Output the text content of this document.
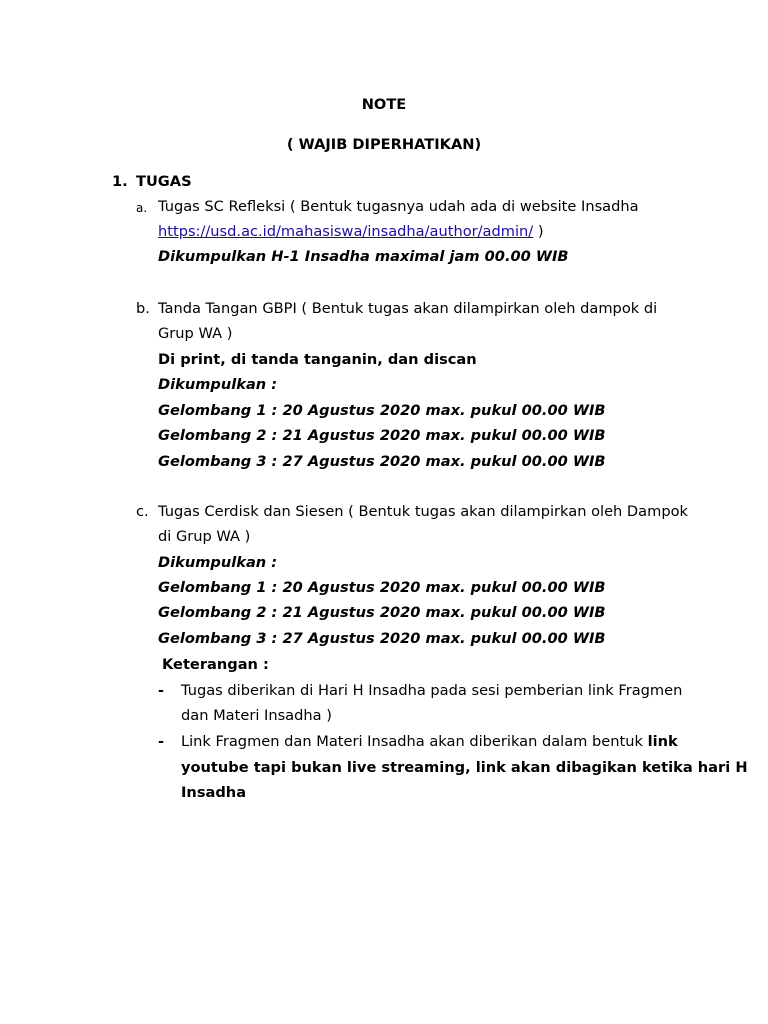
NOTE
( WAJIB DIPERHATIKAN)
1. TUGAS
a. Tugas SC Refleksi ( Bentuk tugasnya udah ada di website Insadha
https://usd.ac.id/mahasiswa/insadha/author/admin/ )
Dikumpulkan H-1 Insadha maximal jam 00.00 WIB
b. Tanda Tangan GBPI ( Bentuk tugas akan dilampirkan oleh dampok di
Grup WA )
Di print, di tanda tanganin, dan discan
Dikumpulkan :
Gelombang 1 : 20 Agustus 2020 max. pukul 00.00 WIB
Gelombang 2 : 21 Agustus 2020 max. pukul 00.00 WIB
Gelombang 3 : 27 Agustus 2020 max. pukul 00.00 WIB
c. Tugas Cerdisk dan Siesen ( Bentuk tugas akan dilampirkan oleh Dampok
di Grup WA )
Dikumpulkan :
Gelombang 1 : 20 Agustus 2020 max. pukul 00.00 WIB
Gelombang 2 : 21 Agustus 2020 max. pukul 00.00 WIB
Gelombang 3 : 27 Agustus 2020 max. pukul 00.00 WIB
Keterangan :
- Tugas diberikan di Hari H Insadha pada sesi pemberian link Fragmen
dan Materi Insadha )
- Link Fragmen dan Materi Insadha akan diberikan dalam bentuk link
youtube tapi bukan live streaming, link akan dibagikan ketika hari H
Insadha
